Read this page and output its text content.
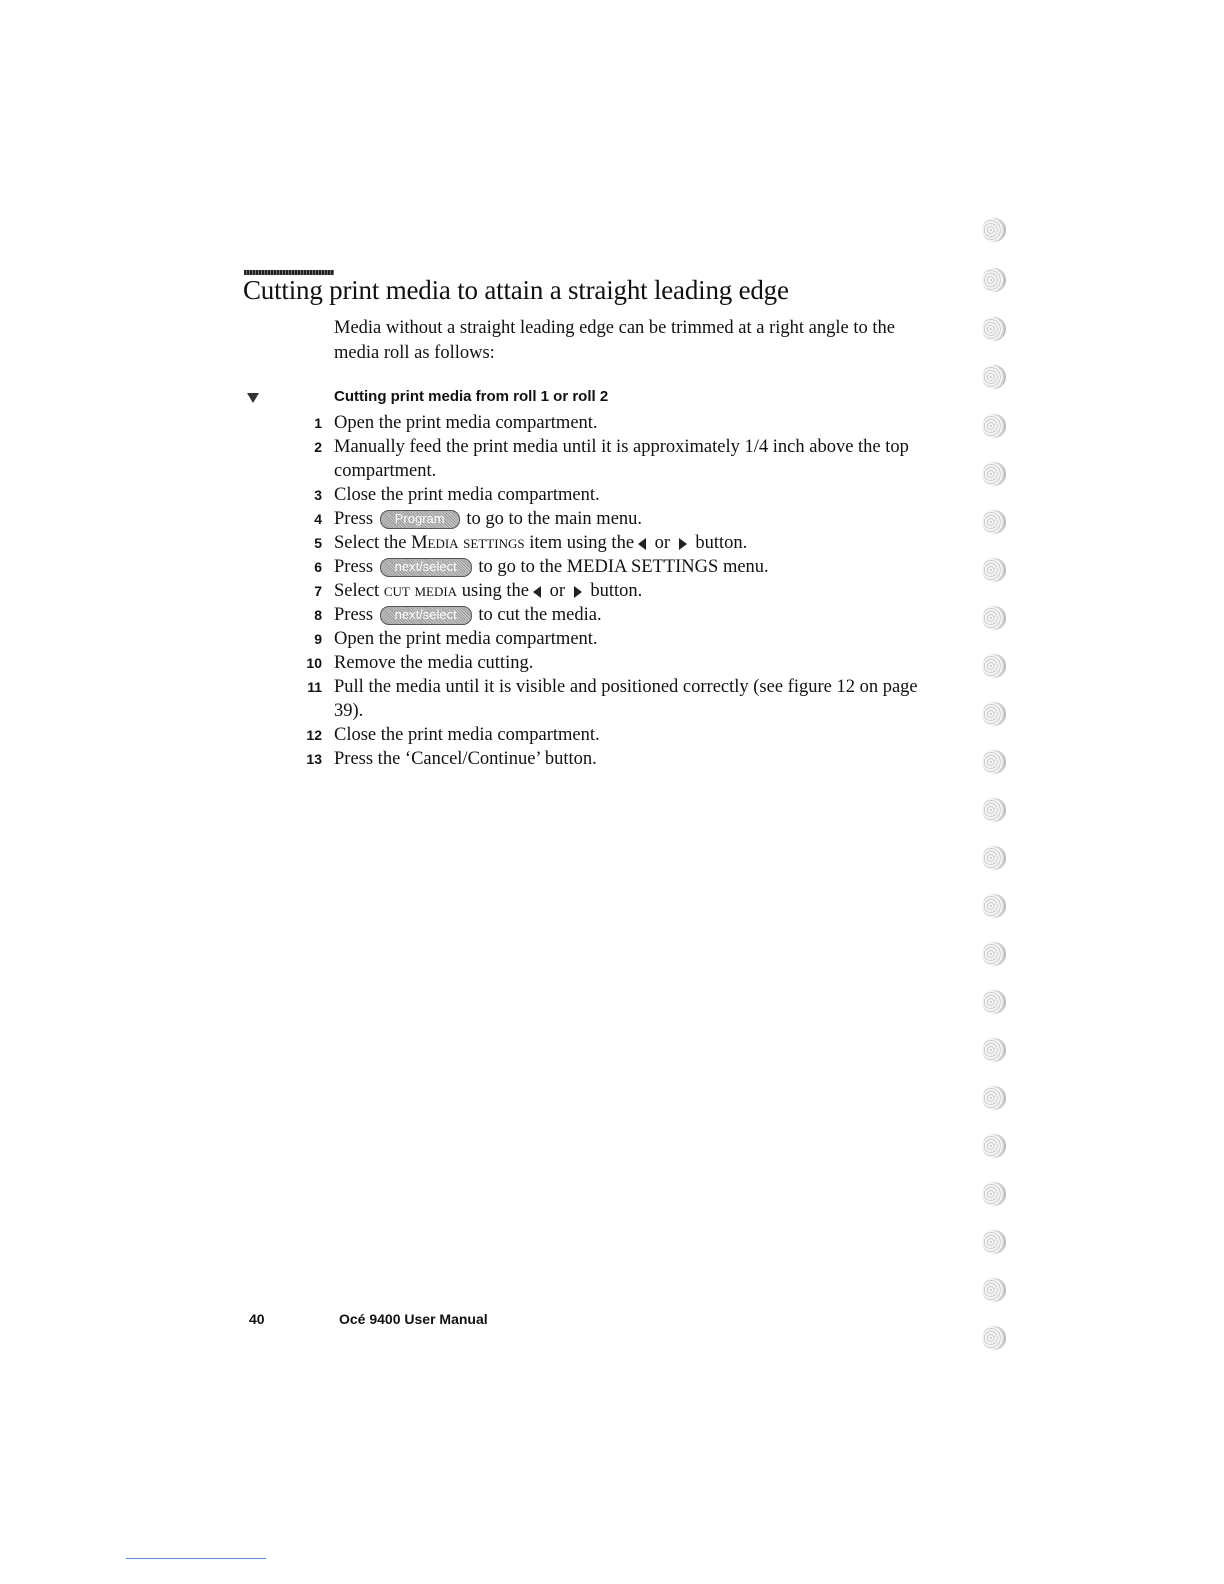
Cutting print media to attain a straight leading edge

Media without a straight leading edge can be trimmed at a right angle to the media roll as follows:

Cutting print media from roll 1 or roll 2
1 Open the print media compartment.
2 Manually feed the print media until it is approximately 1/4 inch above the top compartment.
3 Close the print media compartment.
4 Press Program to go to the main menu.
5 Select the Media settings item using the or button.
6 Press next/select to go to the MEDIA SETTINGS menu.
7 Select cut media using the or button.
8 Press next/select to cut the media.
9 Open the print media compartment.
10 Remove the media cutting.
11 Pull the media until it is visible and positioned correctly (see figure 12 on page 39).
12 Close the print media compartment.
13 Press the ‘Cancel/Continue’ button.
40	Océ 9400 User Manual
